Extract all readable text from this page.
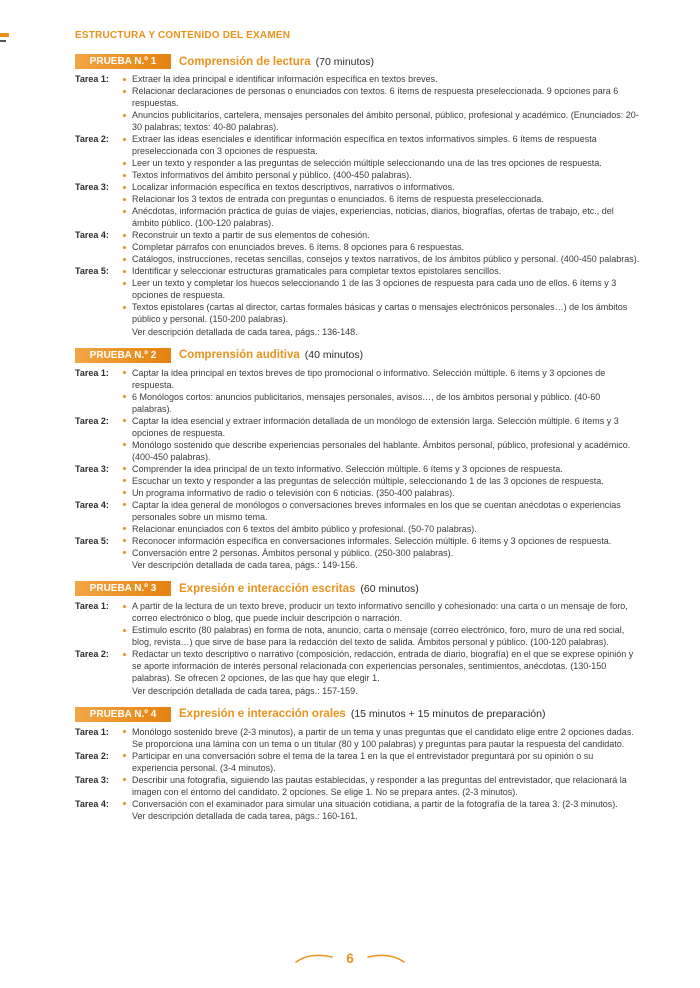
ESTRUCTURA Y CONTENIDO DEL EXAMEN
PRUEBA N.º 1	Comprensión de lectura (70 minutos)
Tarea 1:	Extraer la idea principal e identificar información específica en textos breves.
Relacionar declaraciones de personas o enunciados con textos. 6 ítems de respuesta preseleccionada. 9 opciones para 6 respuestas.
Anuncios publicitarios, cartelera, mensajes personales del ámbito personal, público, profesional y académico. (Enunciados: 20-30 palabras; textos: 40-80 palabras).
Tarea 2:	Extraer las ideas esenciales e identificar información específica en textos informativos simples. 6 ítems de respuesta preseleccionada con 3 opciones de respuesta.
Leer un texto y responder a las preguntas de selección múltiple seleccionando una de las tres opciones de respuesta.
Textos informativos del ámbito personal y público. (400-450 palabras).
Tarea 3:	Localizar información específica en textos descriptivos, narrativos o informativos.
Relacionar los 3 textos de entrada con preguntas o enunciados. 6 ítems de respuesta preseleccionada.
Anécdotas, información práctica de guías de viajes, experiencias, noticias, diarios, biografías, ofertas de trabajo, etc., del ámbito público. (100-120 palabras).
Tarea 4:	Reconstruir un texto a partir de sus elementos de cohesión.
Completar párrafos con enunciados breves. 6 ítems. 8 opciones para 6 respuestas.
Catálogos, instrucciones, recetas sencillas, consejos y textos narrativos, de los ámbitos público y personal. (400-450 palabras).
Tarea 5:	Identificar y seleccionar estructuras gramaticales para completar textos epistolares sencillos.
Leer un texto y completar los huecos seleccionando 1 de las 3 opciones de respuesta para cada uno de ellos. 6 ítems y 3 opciones de respuesta.
Textos epistolares (cartas al director, cartas formales básicas y cartas o mensajes electrónicos personales…) de los ámbitos público y personal. (150-200 palabras).
Ver descripción detallada de cada tarea, págs.: 136-148.
PRUEBA N.º 2	Comprensión auditiva (40 minutos)
Tarea 1:	Captar la idea principal en textos breves de tipo promocional o informativo. Selección múltiple. 6 ítems y 3 opciones de respuesta.
6 Monólogos cortos: anuncios publicitarios, mensajes personales, avisos…, de los ámbitos personal y público. (40-60 palabras).
Tarea 2:	Captar la idea esencial y extraer información detallada de un monólogo de extensión larga. Selección múltiple. 6 ítems y 3 opciones de respuesta.
Monólogo sostenido que describe experiencias personales del hablante. Ámbitos personal, público, profesional y académico. (400-450 palabras).
Tarea 3:	Comprender la idea principal de un texto informativo. Selección múltiple. 6 ítems y 3 opciones de respuesta.
Escuchar un texto y responder a las preguntas de selección múltiple, seleccionando 1 de las 3 opciones de respuesta.
Un programa informativo de radio o televisión con 6 noticias. (350-400 palabras).
Tarea 4:	Captar la idea general de monólogos o conversaciones breves informales en los que se cuentan anécdotas o experiencias personales sobre un mismo tema.
Relacionar enunciados con 6 textos del ámbito público y profesional. (50-70 palabras).
Tarea 5:	Reconocer información específica en conversaciones informales. Selección múltiple. 6 ítems y 3 opciones de respuesta.
Conversación entre 2 personas. Ámbitos personal y público. (250-300 palabras).
Ver descripción detallada de cada tarea, págs.: 149-156.
PRUEBA N.º 3	Expresión e interacción escritas (60 minutos)
Tarea 1:	A partir de la lectura de un texto breve, producir un texto informativo sencillo y cohesionado: una carta o un mensaje de foro, correo electrónico o blog, que puede incluir descripción o narración.
Estímulo escrito (80 palabras) en forma de nota, anuncio, carta o mensaje (correo electrónico, foro, muro de una red social, blog, revista…) que sirve de base para la redacción del texto de salida. Ámbitos personal y público. (100-120 palabras).
Tarea 2:	Redactar un texto descriptivo o narrativo (composición, redacción, entrada de diario, biografía) en el que se exprese opinión y se aporte información de interés personal relacionada con experiencias personales, sentimientos, anécdotas. (130-150 palabras). Se ofrecen 2 opciones, de las que hay que elegir 1.
Ver descripción detallada de cada tarea, págs.: 157-159.
PRUEBA N.º 4	Expresión e interacción orales (15 minutos + 15 minutos de preparación)
Tarea 1:	Monólogo sostenido breve (2-3 minutos), a partir de un tema y unas preguntas que el candidato elige entre 2 opciones dadas. Se proporciona una lámina con un tema o un titular (80 y 100 palabras) y preguntas para pautar la respuesta del candidato.
Tarea 2:	Participar en una conversación sobre el tema de la tarea 1 en la que el entrevistador preguntará por su opinión o su experiencia personal. (3-4 minutos).
Tarea 3:	Describir una fotografía, siguiendo las pautas establecidas, y responder a las preguntas del entrevistador, que relacionará la imagen con el entorno del candidato. 2 opciones. Se elige 1. No se prepara antes. (2-3 minutos).
Tarea 4:	Conversación con el examinador para simular una situación cotidiana, a partir de la fotografía de la tarea 3. (2-3 minutos).
Ver descripción detallada de cada tarea, págs.: 160-161.
6
